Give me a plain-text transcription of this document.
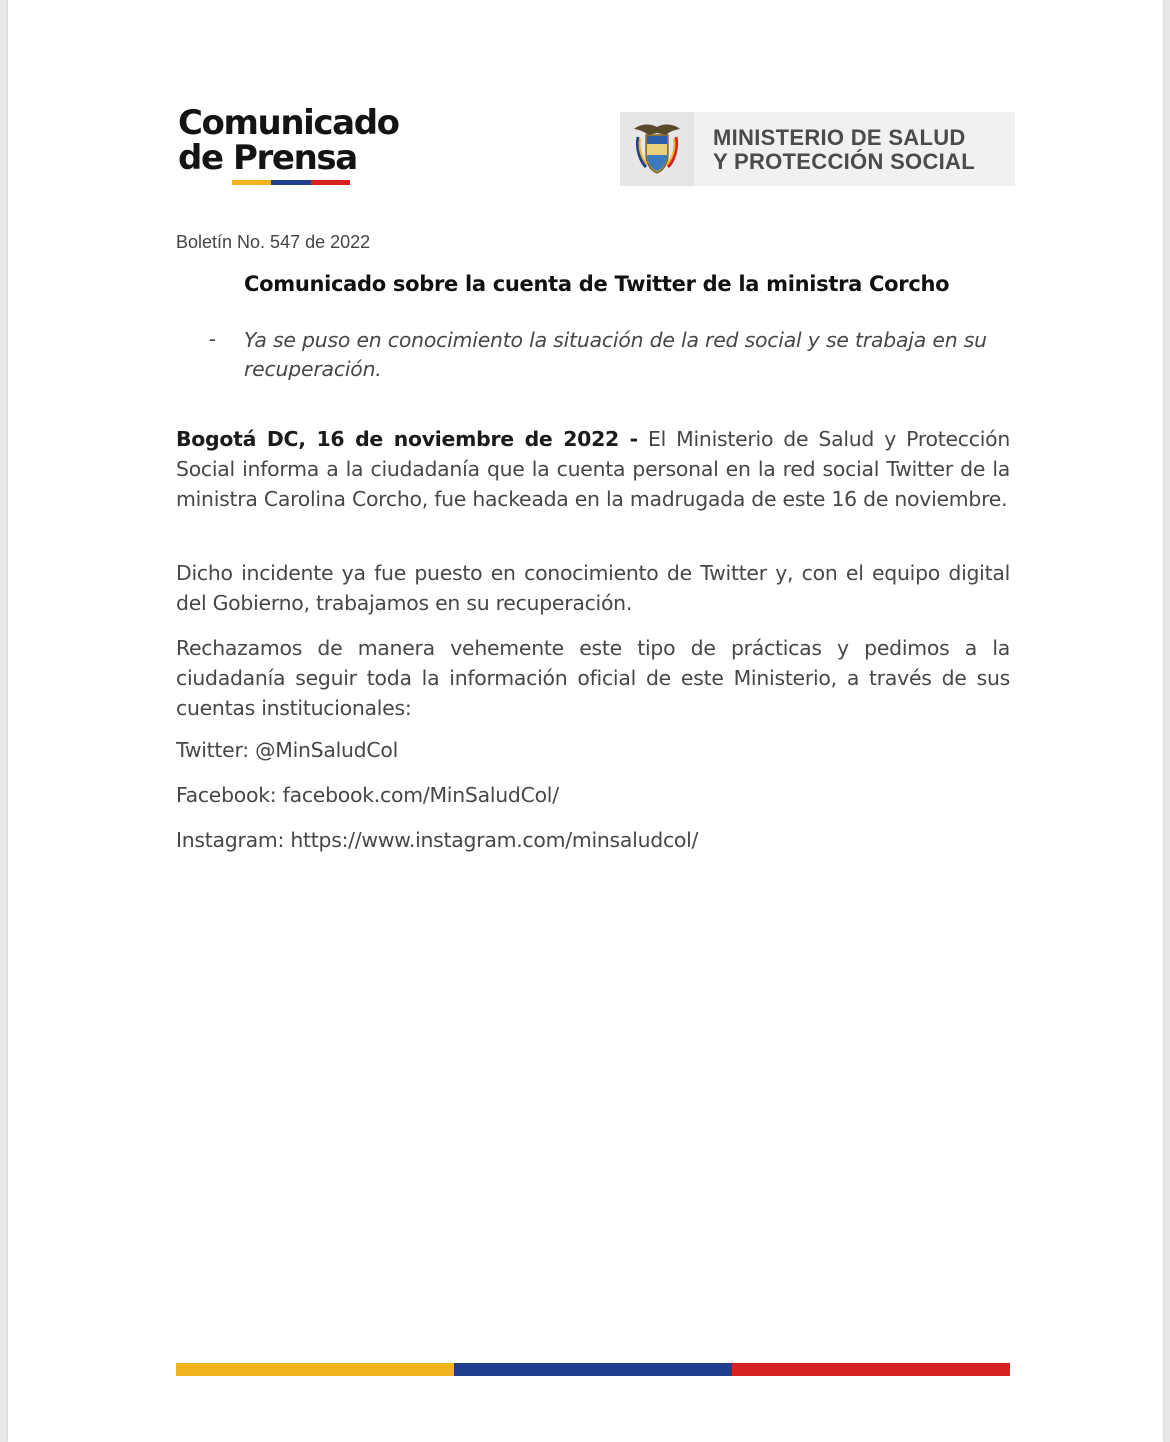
Comunicado
de Prensa
MINISTERIO DE SALUD
Y PROTECCIÓN SOCIAL
Boletín No. 547 de 2022
Comunicado sobre la cuenta de Twitter de la ministra Corcho
- Ya se puso en conocimiento la situación de la red social y se trabaja en su recuperación.
Bogotá DC, 16 de noviembre de 2022 - El Ministerio de Salud y Protección Social informa a la ciudadanía que la cuenta personal en la red social Twitter de la ministra Carolina Corcho, fue hackeada en la madrugada de este 16 de noviembre.
Dicho incidente ya fue puesto en conocimiento de Twitter y, con el equipo digital del Gobierno, trabajamos en su recuperación.
Rechazamos de manera vehemente este tipo de prácticas y pedimos a la ciudadanía seguir toda la información oficial de este Ministerio, a través de sus cuentas institucionales:
Twitter: @MinSaludCol
Facebook: facebook.com/MinSaludCol/
Instagram: https://www.instagram.com/minsaludcol/
